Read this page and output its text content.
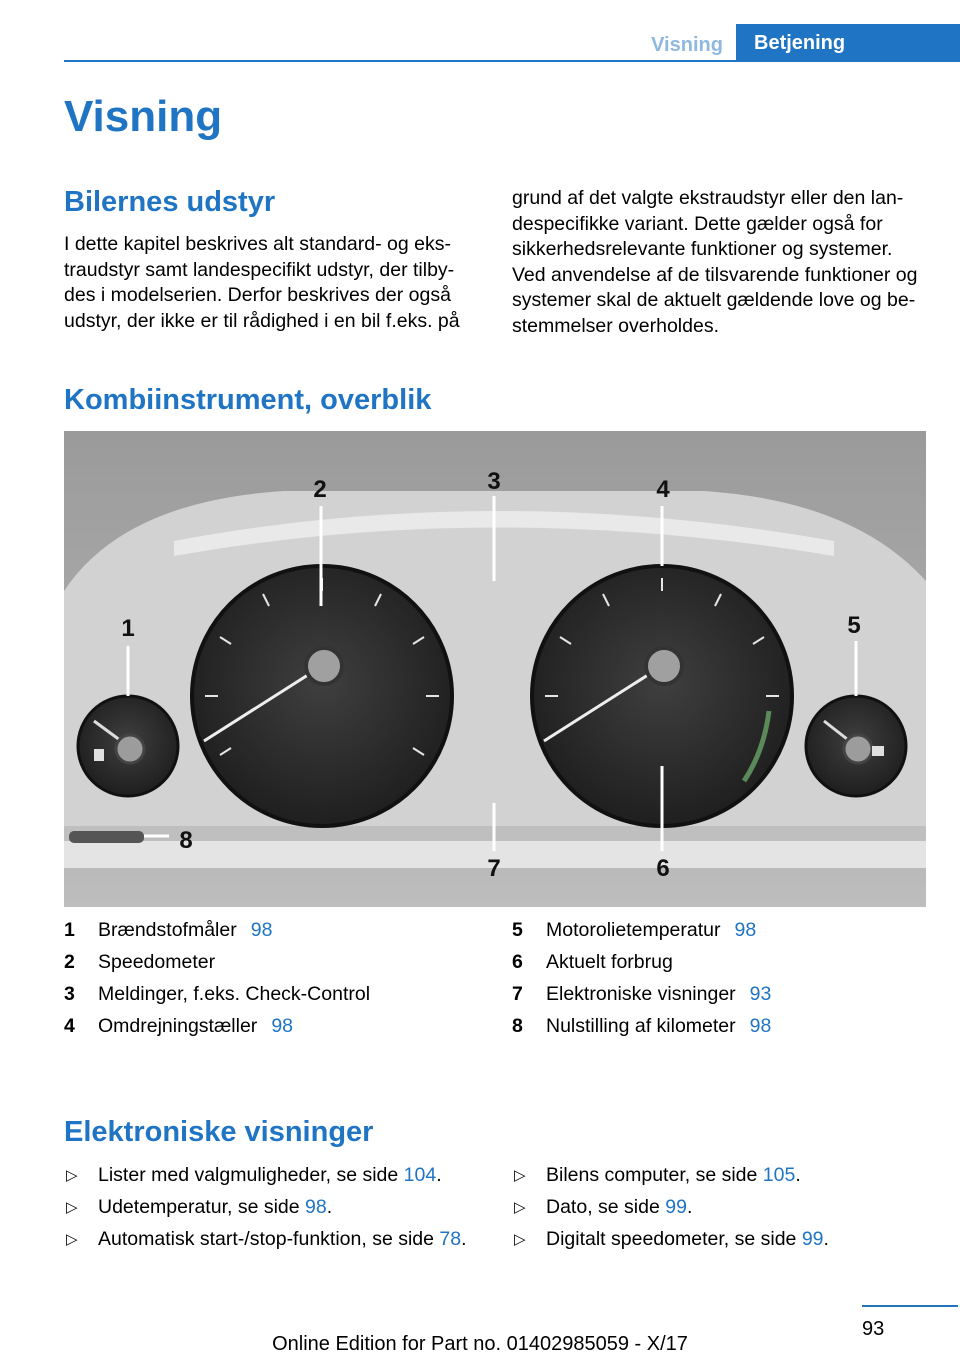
Visning	Betjening
Visning
Bilernes udstyr

I dette kapitel beskrives alt standard- og eks-traudstyr samt landespecifikt udstyr, der tilby-des i modelserien. Derfor beskrives der også udstyr, der ikke er til rådighed i en bil f.eks. på

grund af det valgte ekstraudstyr eller den lan-despecifikke variant. Dette gælder også for sikkerhedsrelevante funktioner og systemer. Ved anvendelse af de tilsvarende funktioner og systemer skal de aktuelt gældende love og be-stemmelser overholdes.

Kombiinstrument, overblik
1
2	3	4
5
6
7
8
1 Brændstofmåler 98
2 Speedometer
3 Meldinger, f.eks. Check-Control
4 Omdrejningstæller 98
5 Motorolietemperatur 98
6 Aktuelt forbrug
7 Elektroniske visninger 93
8 Nulstilling af kilometer 98
Elektroniske visninger
▷ Lister med valgmuligheder, se side 104.
▷ Udetemperatur, se side 98.
▷ Automatisk start-/stop-funktion, se side 78.
▷ Bilens computer, se side 105.
▷ Dato, se side 99.
▷ Digitalt speedometer, se side 99.
93
Online Edition for Part no. 01402985059 - X/17
